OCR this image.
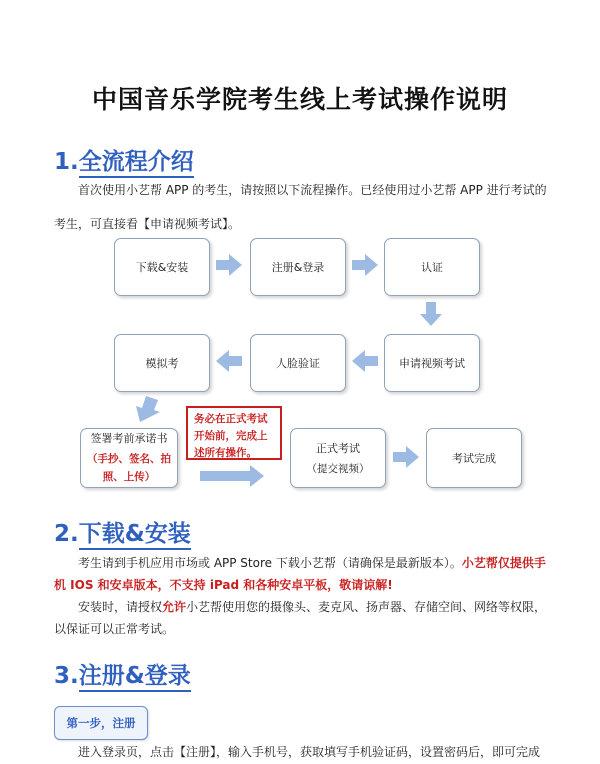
中国音乐学院考生线上考试操作说明
1.全流程介绍

首次使用小艺帮 APP 的考生，请按照以下流程操作。已经使用过小艺帮 APP 进行考试的

考生，可直接看【申请视频考试】。

下载&安装	注册&登录	认证
申请视频考试
人脸验证
模拟考
签署考前承诺书
（手抄、签名、拍
照、上传）
正式考试
（提交视频）
考试完成
务必在正式考试
开始前，完成上
述所有操作。
2.下载&安装

考生请到手机应用市场或 APP Store 下载小艺帮（请确保是最新版本）。小艺帮仅提供手

机 IOS 和安卓版本，不支持 iPad 和各种安卓平板，敬请谅解!

安装时，请授权允许小艺帮使用您的摄像头、麦克风、扬声器、存储空间、网络等权限，

以保证可以正常考试。

3.注册&登录
第一步，注册

进入登录页，点击【注册】，输入手机号，获取填写手机验证码，设置密码后，即可完成
